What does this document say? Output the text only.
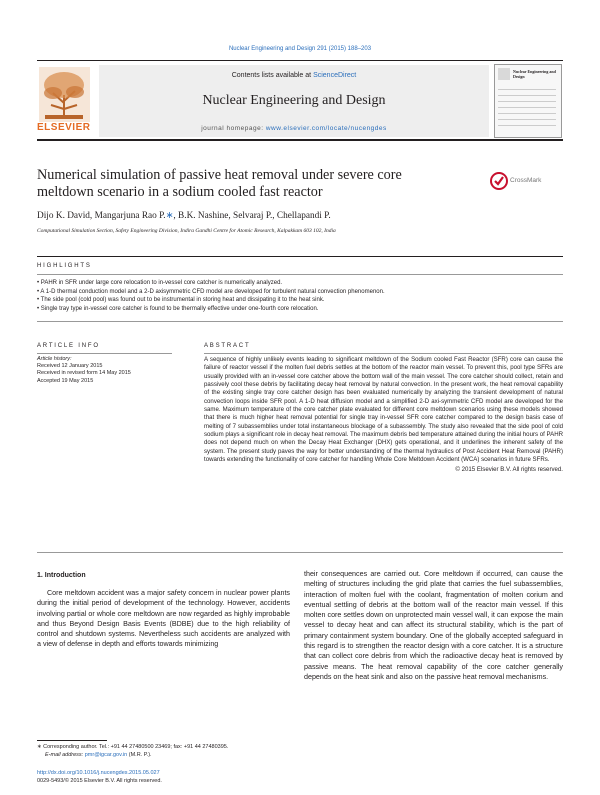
Nuclear Engineering and Design 291 (2015) 188–203
ELSEVIER
Contents lists available at ScienceDirect
Nuclear Engineering and Design
journal homepage: www.elsevier.com/locate/nucengdes
Nuclear Engineering and Design
Numerical simulation of passive heat removal under severe core
meltdown scenario in a sodium cooled fast reactor
CrossMark
Dijo K. David, Mangarjuna Rao P.∗, B.K. Nashine, Selvaraj P., Chellapandi P.
Computational Simulation Section, Safety Engineering Division, Indira Gandhi Centre for Atomic Research, Kalpakkam 603 102, India
HIGHLIGHTS
• PAHR in SFR under large core relocation to in-vessel core catcher is numerically analyzed.
• A 1-D thermal conduction model and a 2-D axisymmetric CFD model are developed for turbulent natural convection phenomenon.
• The side pool (cold pool) was found out to be instrumental in storing heat and dissipating it to the heat sink.
• Single tray type in-vessel core catcher is found to be thermally effective under one-fourth core relocation.
ARTICLE INFO
Article history:
Received 12 January 2015
Received in revised form 14 May 2015
Accepted 19 May 2015
ABSTRACT
A sequence of highly unlikely events leading to significant meltdown of the Sodium cooled Fast Reactor (SFR) core can cause the failure of reactor vessel if the molten fuel debris settles at the bottom of the reactor main vessel. To prevent this, pool type SFRs are usually provided with an in-vessel core catcher above the bottom wall of the main vessel. The core catcher should collect, retain and passively cool these debris by facilitating decay heat removal by natural convection. In the present work, the heat removal capability of the existing single tray core catcher design has been evaluated numerically by analyzing the transient development of natural convection loops inside SFR pool. A 1-D heat diffusion model and a simplified 2-D axi-symmetric CFD model are developed for the same. Maximum temperature of the core catcher plate evaluated for different core meltdown scenarios using these models showed that there is much higher heat removal potential for single tray in-vessel SFR core catcher compared to the design basis case of melting of 7 subassemblies under total instantaneous blockage of a subassembly. The study also revealed that the side pool of cold sodium plays a significant role in decay heat removal. The maximum debris bed temperature attained during the initial hours of PAHR does not depend much on when the Decay Heat Exchanger (DHX) gets operational, and it underlines the inherent safety of the system. The present study paves the way for better understanding of the thermal hydraulics of Post Accident Heat Removal (PAHR) towards extending the functionality of core catcher for handling Whole Core Meltdown Accident (WCA) scenarios in future SFRs.
© 2015 Elsevier B.V. All rights reserved.
1. Introduction
Core meltdown accident was a major safety concern in nuclear power plants during the initial period of development of the technology. However, accidents involving partial or whole core meltdown are now regarded as highly improbable and thus Beyond Design Basis Events (BDBE) due to the high reliability of control and shutdown systems. Nevertheless such accidents are analyzed with a view of defense in depth and efforts towards minimizing
their consequences are carried out. Core meltdown if occurred, can cause the melting of structures including the grid plate that carries the fuel subassemblies, interaction of molten fuel with the coolant, fragmentation of molten corium and eventual settling of debris at the bottom wall of the reactor main vessel. If this molten core settles down on unprotected main vessel wall, it can expose the main vessel to decay heat and can affect its structural stability, which is the part of primary containment system boundary. One of the globally accepted safeguard in this regard is to strengthen the reactor design with a core catcher. It is a structure that can collect core debris from which the radioactive decay heat is removed by passive means. The heat removal capability of the core catcher generally depends on the heat sink and also on the passive heat removal mechanisms.
∗ Corresponding author. Tel.: +91 44 27480500 23469; fax: +91 44 27480395.
E-mail address: pmr@igcar.gov.in (M.R. P.).
http://dx.doi.org/10.1016/j.nucengdes.2015.05.027
0029-5493/© 2015 Elsevier B.V. All rights reserved.
